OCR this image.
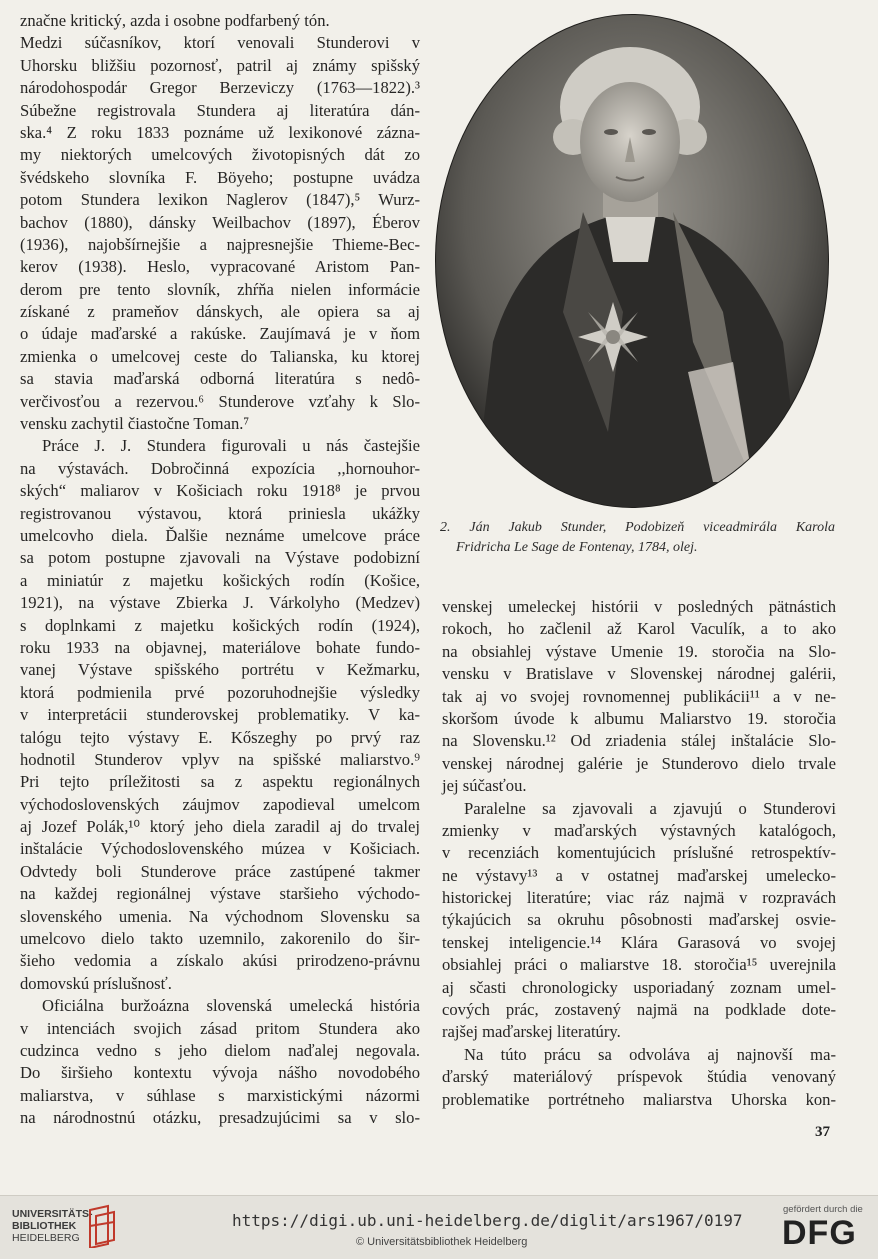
značne kritický, azda i osobne podfarbený tón.
Medzi súčasníkov, ktorí venovali Stunderovi v
Uhorsku bližšiu pozornosť, patril aj známy spišský
národohospodár Gregor Berzeviczy (1763—1822).³
Súbežne registrovala Stundera aj literatúra dán-
ska.⁴ Z roku 1833 poznáme už lexikonové zázna-
my niektorých umelcových životopisných dát zo
švédskeho slovníka F. Böyeho; postupne uvádza
potom Stundera lexikon Naglerov (1847),⁵ Wurz-
bachov (1880), dánsky Weilbachov (1897), Éberov
(1936), najobšírnejšie a najpresnejšie Thieme-Bec-
kerov (1938). Heslo, vypracované Aristom Pan-
derom pre tento slovník, zhŕňa nielen informácie
získané z prameňov dánskych, ale opiera sa aj
o údaje maďarské a rakúske. Zaujímavá je v ňom
zmienka o umelcovej ceste do Talianska, ku ktorej
sa stavia maďarská odborná literatúra s nedô-
verčivosťou a rezervou.⁶ Stunderove vzťahy k Slo-
vensku zachytil čiastočne Toman.⁷
Práce J. J. Stundera figurovali u nás častejšie
na výstavách. Dobročinná expozícia ,,hornouhor-
ských“ maliarov v Košiciach roku 1918⁸ je prvou
registrovanou výstavou, ktorá priniesla ukážky
umelcovho diela. Ďalšie neznáme umelcove práce
sa potom postupne zjavovali na Výstave podobizní
a miniatúr z majetku košických rodín (Košice,
1921), na výstave Zbierka J. Várkolyho (Medzev)
s doplnkami z majetku košických rodín (1924),
roku 1933 na objavnej, materiálove bohate fundo-
vanej Výstave spišského portrétu v Kežmarku,
ktorá podmienila prvé pozoruhodnejšie výsledky
v interpretácii stunderovskej problematiky. V ka-
talógu tejto výstavy E. Kőszeghy po prvý raz
hodnotil Stunderov vplyv na spišské maliarstvo.⁹
Pri tejto príležitosti sa z aspektu regionálnych
východoslovenských záujmov zapodieval umelcom
aj Jozef Polák,¹⁰ ktorý jeho diela zaradil aj do trvalej
inštalácie Východoslovenského múzea v Košiciach.
Odvtedy boli Stunderove práce zastúpené takmer
na každej regionálnej výstave staršieho východo-
slovenského umenia. Na východnom Slovensku sa
umelcovo dielo takto uzemnilo, zakorenilo do šir-
šieho vedomia a získalo akúsi prirodzeno-právnu
domovskú príslušnosť.
Oficiálna buržoázna slovenská umelecká história
v intenciách svojich zásad pritom Stundera ako
cudzinca vedno s jeho dielom naďalej negovala.
Do širšieho kontextu vývoja nášho novodobého
maliarstva, v súhlase s marxistickými názormi
na národnostnú otázku, presadzujúcimi sa v slo-
2. Ján Jakub Stunder, Podobizeň viceadmirála Karola
Fridricha Le Sage de Fontenay, 1784, olej.
venskej umeleckej histórii v posledných pätnástich
rokoch, ho začlenil až Karol Vaculík, a to ako
na obsiahlej výstave Umenie 19. storočia na Slo-
vensku v Bratislave v Slovenskej národnej galérii,
tak aj vo svojej rovnomennej publikácii¹¹ a v ne-
skoršom úvode k albumu Maliarstvo 19. storočia
na Slovensku.¹² Od zriadenia stálej inštalácie Slo-
venskej národnej galérie je Stunderovo dielo trvale
jej súčasťou.
Paralelne sa zjavovali a zjavujú o Stunderovi
zmienky v maďarských výstavných katalógoch,
v recenziách komentujúcich príslušné retrospektív-
ne výstavy¹³ a v ostatnej maďarskej umelecko-
historickej literatúre; viac ráz najmä v rozpravách
týkajúcich sa okruhu pôsobnosti maďarskej osvie-
tenskej inteligencie.¹⁴ Klára Garasová vo svojej
obsiahlej práci o maliarstve 18. storočia¹⁵ uverejnila
aj sčasti chronologicky usporiadaný zoznam umel-
cových prác, zostavený najmä na podklade dote-
rajšej maďarskej literatúry.
Na túto prácu sa odvoláva aj najnovší ma-
ďarský materiálový príspevok štúdia venovaný
problematike portrétneho maliarstva Uhorska kon-
37
UNIVERSITÄTS-
BIBLIOTHEK
HEIDELBERG
https://digi.ub.uni-heidelberg.de/diglit/ars1967/0197
© Universitätsbibliothek Heidelberg
gefördert durch die
DFG
